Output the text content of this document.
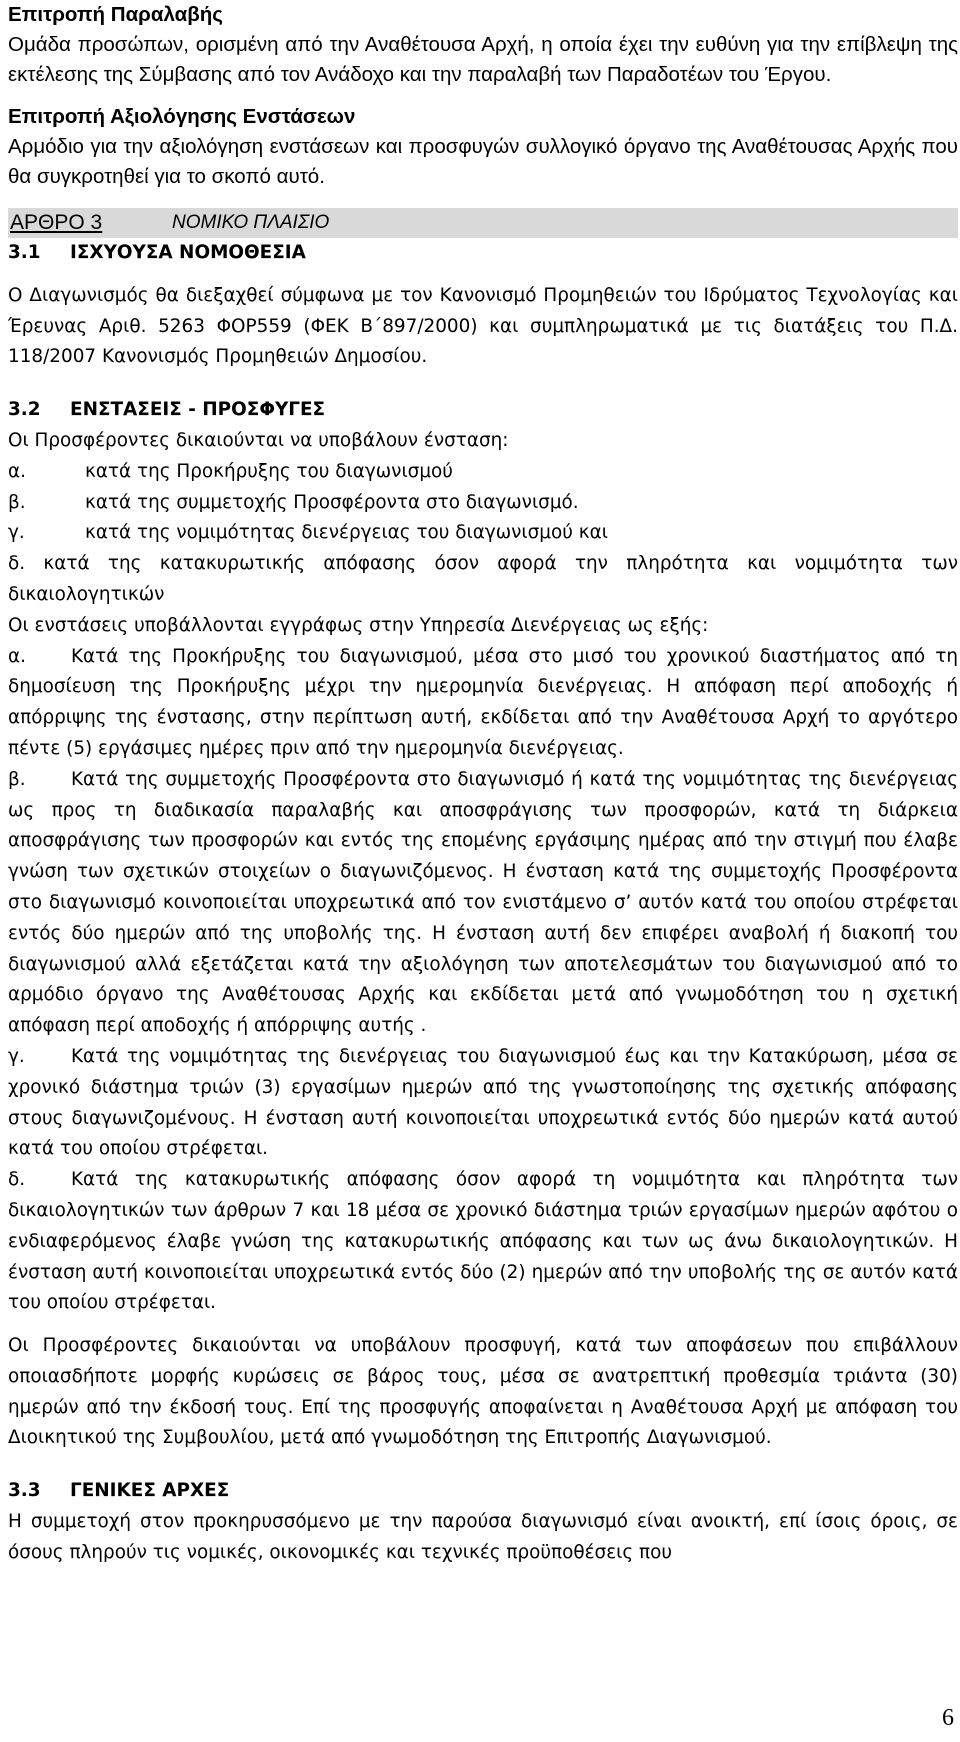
Επιτροπή Παραλαβής
Ομάδα προσώπων, ορισμένη από την Αναθέτουσα Αρχή, η οποία έχει την ευθύνη για την επίβλεψη της εκτέλεσης της Σύμβασης από τον Ανάδοχο και την παραλαβή των Παραδοτέων του Έργου.
Επιτροπή Αξιολόγησης Ενστάσεων
Αρμόδιο για την αξιολόγηση ενστάσεων και προσφυγών συλλογικό όργανο της Αναθέτουσας Αρχής που θα συγκροτηθεί για το σκοπό αυτό.
ΑΡΘΡΟ 3	ΝΟΜΙΚΟ ΠΛΑΙΣΙΟ
3.1	ΙΣΧΥΟΥΣΑ ΝΟΜΟΘΕΣΙΑ
Ο Διαγωνισμός θα διεξαχθεί σύμφωνα με τον Κανονισμό Προμηθειών του Ιδρύματος Τεχνολογίας και Έρευνας Αριθ. 5263 ΦΟΡ559 (ΦΕΚ Β΄897/2000) και συμπληρωματικά με τις διατάξεις του Π.Δ. 118/2007 Κανονισμός Προμηθειών Δημοσίου.
3.2	ΕΝΣΤΑΣΕΙΣ - ΠΡΟΣΦΥΓΕΣ
Οι Προσφέροντες δικαιούνται να υποβάλουν ένσταση:
α.	κατά της Προκήρυξης του διαγωνισμού
β.	κατά της συμμετοχής Προσφέροντα στο διαγωνισμό.
γ.	κατά της νομιμότητας διενέργειας του διαγωνισμού και
δ. κατά της κατακυρωτικής απόφασης όσον αφορά την πληρότητα και νομιμότητα των δικαιολογητικών
Οι ενστάσεις υποβάλλονται εγγράφως στην Υπηρεσία Διενέργειας ως εξής:
α. Κατά της Προκήρυξης του διαγωνισμού, μέσα στο μισό του χρονικού διαστήματος από τη δημοσίευση της Προκήρυξης μέχρι την ημερομηνία διενέργειας. Η απόφαση περί αποδοχής ή απόρριψης της ένστασης, στην περίπτωση αυτή, εκδίδεται από την Αναθέτουσα Αρχή το αργότερο πέντε (5) εργάσιμες ημέρες πριν από την ημερομηνία διενέργειας.
β. Κατά της συμμετοχής Προσφέροντα στο διαγωνισμό ή κατά της νομιμότητας της διενέργειας ως προς τη διαδικασία παραλαβής και αποσφράγισης των προσφορών, κατά τη διάρκεια αποσφράγισης των προσφορών και εντός της επομένης εργάσιμης ημέρας από την στιγμή που έλαβε γνώση των σχετικών στοιχείων ο διαγωνιζόμενος. Η ένσταση κατά της συμμετοχής Προσφέροντα στο διαγωνισμό κοινοποιείται υποχρεωτικά από τον ενιστάμενο σ’ αυτόν κατά του οποίου στρέφεται εντός δύο ημερών από της υποβολής της. Η ένσταση αυτή δεν επιφέρει αναβολή ή διακοπή του διαγωνισμού αλλά εξετάζεται κατά την αξιολόγηση των αποτελεσμάτων του διαγωνισμού από το αρμόδιο όργανο της Αναθέτουσας Αρχής και εκδίδεται μετά από γνωμοδότηση του η σχετική απόφαση περί αποδοχής ή απόρριψης αυτής .
γ.	Κατά της νομιμότητας της διενέργειας του διαγωνισμού έως και την Κατακύρωση, μέσα σε χρονικό διάστημα τριών (3) εργασίμων ημερών από της γνωστοποίησης της σχετικής απόφασης στους διαγωνιζομένους. Η ένσταση αυτή κοινοποιείται υποχρεωτικά εντός δύο ημερών κατά αυτού κατά του οποίου στρέφεται.
δ. Κατά της κατακυρωτικής απόφασης όσον αφορά τη νομιμότητα και πληρότητα των δικαιολογητικών των άρθρων 7 και 18 μέσα σε χρονικό διάστημα τριών εργασίμων ημερών αφότου ο ενδιαφερόμενος έλαβε γνώση της κατακυρωτικής απόφασης και των ως άνω δικαιολογητικών. Η ένσταση αυτή κοινοποιείται υποχρεωτικά εντός δύο (2) ημερών από την υποβολής της σε αυτόν κατά του οποίου στρέφεται.
Οι Προσφέροντες δικαιούνται να υποβάλουν προσφυγή, κατά των αποφάσεων που επιβάλλουν οποιασδήποτε μορφής κυρώσεις σε βάρος τους, μέσα σε ανατρεπτική προθεσμία τριάντα (30) ημερών από την έκδοσή τους. Επί της προσφυγής αποφαίνεται η Αναθέτουσα Αρχή με απόφαση του Διοικητικού της Συμβουλίου, μετά από γνωμοδότηση της Επιτροπής Διαγωνισμού.
3.3	ΓΕΝΙΚΕΣ ΑΡΧΕΣ
Η συμμετοχή στον προκηρυσσόμενο με την παρούσα διαγωνισμό είναι ανοικτή, επί ίσοις όροις, σε όσους πληρούν τις νομικές, οικονομικές και τεχνικές προϋποθέσεις που
6
